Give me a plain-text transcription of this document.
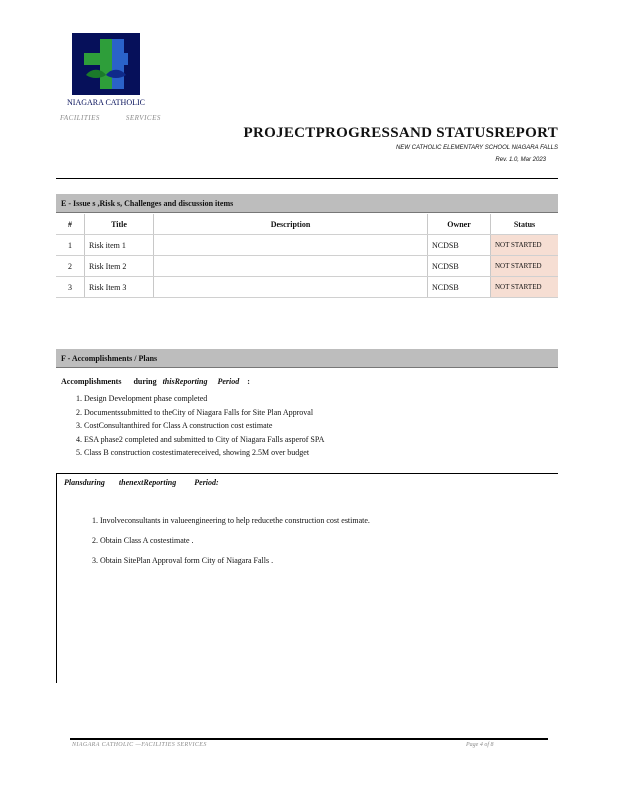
NIAGARA CATHOLIC
FACILITIES	SERVICES
PROJECTPROGRESSAND STATUSREPORT
NEW CATHOLIC ELEMENTARY SCHOOL NIAGARA FALLS
Rev. 1.0, Mar 2023
E - Issue s ,Risk s, Challenges and discussion items
#	Title	Description	Owner	Status
1	Risk item 1		NCDSB	NOT STARTED
2	Risk Item 2		NCDSB	NOT STARTED
3	Risk Item 3		NCDSB	NOT STARTED
F - Accomplishments / Plans
Accomplishments during thisReporting Period :
1. Design Development phase completed
2. Documentssubmitted to theCity of Niagara Falls for Site Plan Approval
3. CostConsultanthired for Class A construction cost estimate
4. ESA phase2 completed and submitted to City of Niagara Falls asperof SPA
5. Class B construction costestimatereceived, showing 2.5M over budget
Plansduring thenextReporting Period:
1. Involveconsultants in valueengineering to help reducethe construction cost estimate.
2. Obtain Class A costestimate .
3. Obtain SitePlan Approval form City of Niagara Falls .
NIAGARA CATHOLIC —FACILITIES SERVICES	Page 4 of 8
